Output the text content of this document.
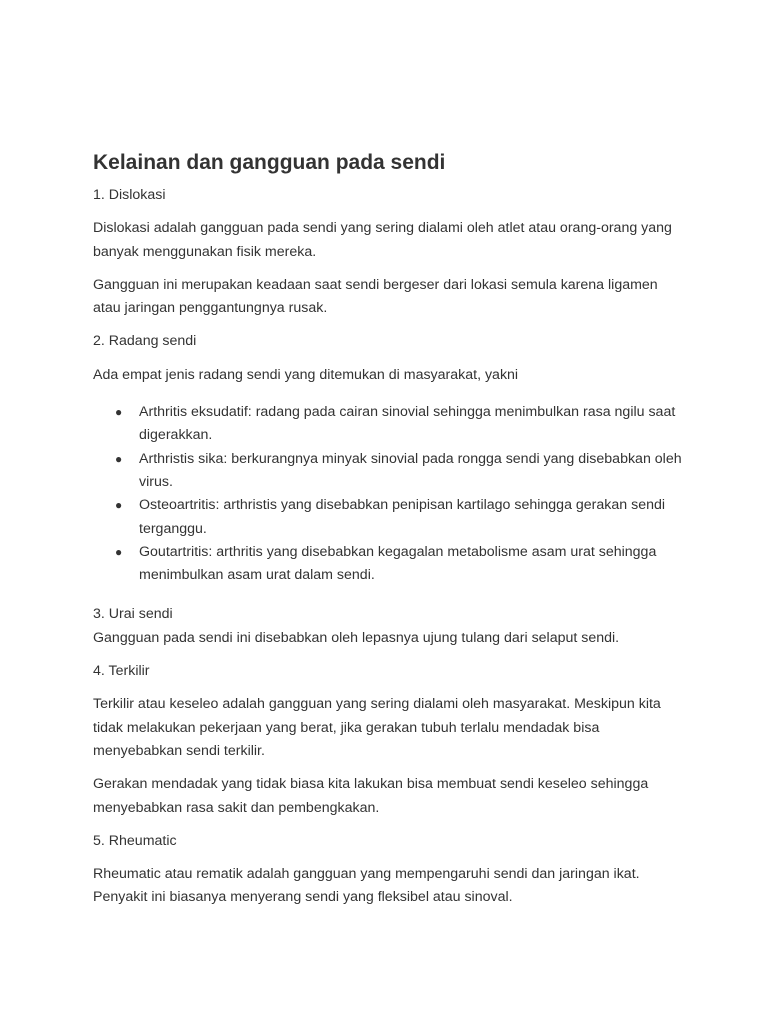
Kelainan dan gangguan pada sendi

1. Dislokasi

Dislokasi adalah gangguan pada sendi yang sering dialami oleh atlet atau orang-orang yang banyak menggunakan fisik mereka.

Gangguan ini merupakan keadaan saat sendi bergeser dari lokasi semula karena ligamen atau jaringan penggantungnya rusak.

2. Radang sendi

Ada empat jenis radang sendi yang ditemukan di masyarakat, yakni

● Arthritis eksudatif: radang pada cairan sinovial sehingga menimbulkan rasa ngilu saat digerakkan.
● Arthristis sika: berkurangnya minyak sinovial pada rongga sendi yang disebabkan oleh virus.
● Osteoartritis: arthristis yang disebabkan penipisan kartilago sehingga gerakan sendi terganggu.
● Goutartritis: arthritis yang disebabkan kegagalan metabolisme asam urat sehingga menimbulkan asam urat dalam sendi.

3. Urai sendi

Gangguan pada sendi ini disebabkan oleh lepasnya ujung tulang dari selaput sendi.

4. Terkilir

Terkilir atau keseleo adalah gangguan yang sering dialami oleh masyarakat. Meskipun kita tidak melakukan pekerjaan yang berat, jika gerakan tubuh terlalu mendadak bisa menyebabkan sendi terkilir.

Gerakan mendadak yang tidak biasa kita lakukan bisa membuat sendi keseleo sehingga menyebabkan rasa sakit dan pembengkakan.

5. Rheumatic

Rheumatic atau rematik adalah gangguan yang mempengaruhi sendi dan jaringan ikat. Penyakit ini biasanya menyerang sendi yang fleksibel atau sinoval.
